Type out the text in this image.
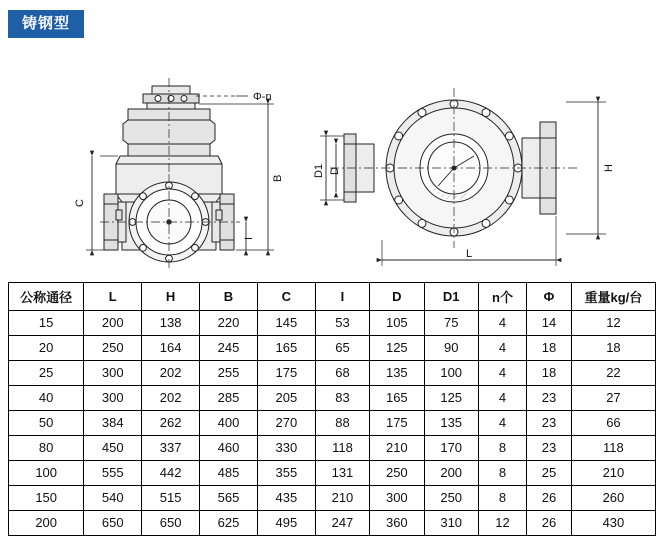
铸钢型
Φ-n
B
C
I
D
D1	H
L
公称通径	L	H	B	C	I	D	D1	n个	Φ	重量kg/台
15	200	138	220	145	53	105	75	4	14	12
20	250	164	245	165	65	125	90	4	18	18
25	300	202	255	175	68	135	100	4	18	22
40	300	202	285	205	83	165	125	4	23	27
50	384	262	400	270	88	175	135	4	23	66
80	450	337	460	330	118	210	170	8	23	118
100	555	442	485	355	131	250	200	8	25	210
150	540	515	565	435	210	300	250	8	26	260
200	650	650	625	495	247	360	310	12	26	430
